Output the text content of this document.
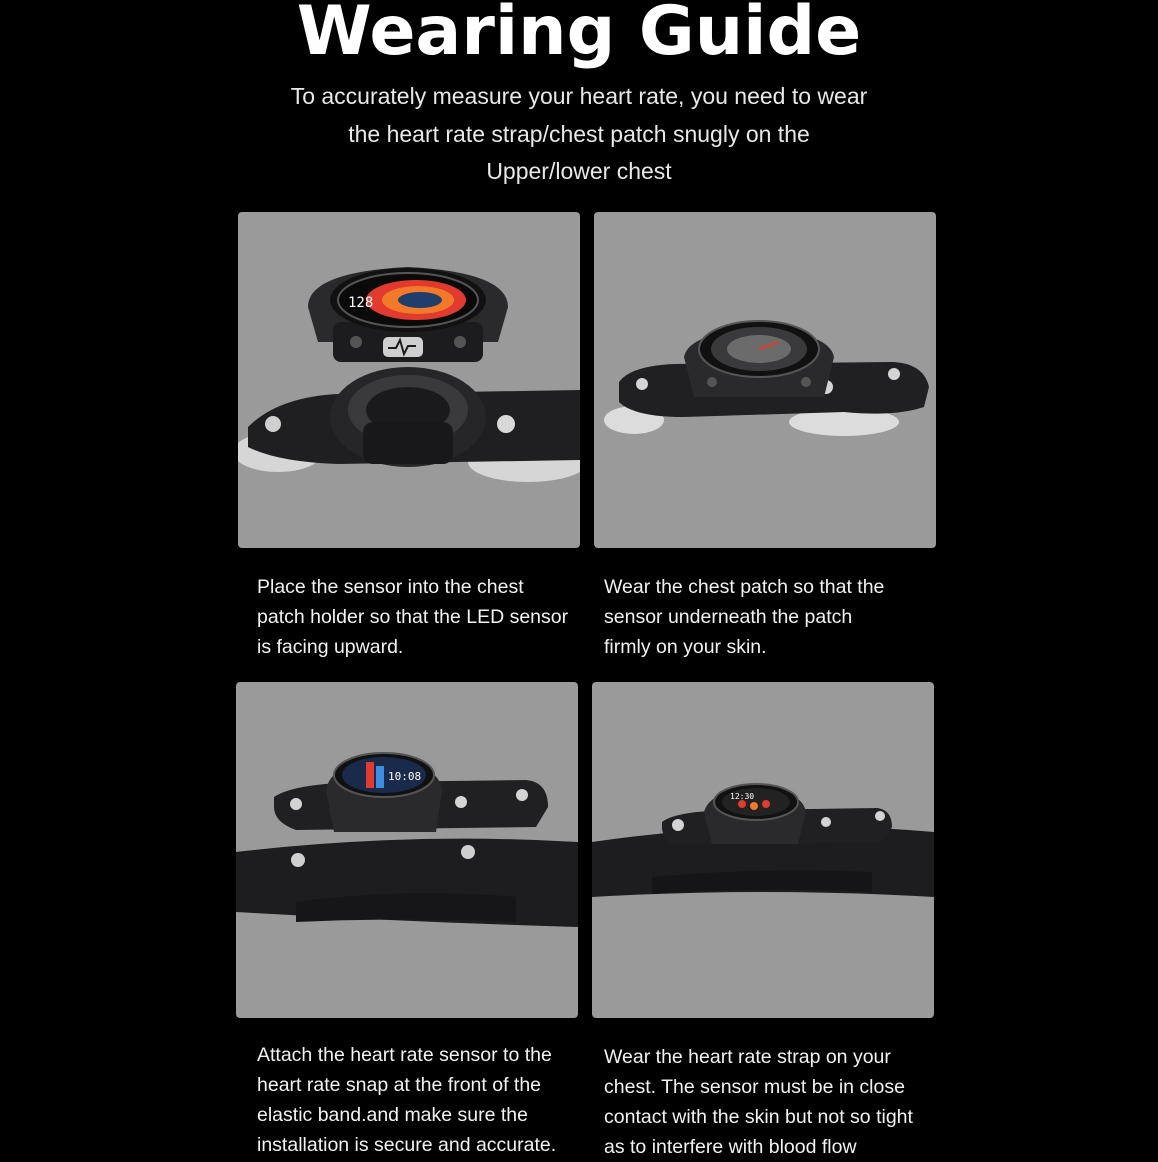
Wearing Guide
To accurately measure your heart rate, you need to wear
the heart rate strap/chest patch snugly on the
Upper/lower chest
128
10:08
12:30
Place the sensor into the chest
patch holder so that the LED sensor
is facing upward.
Wear the chest patch so that the
sensor underneath the patch
firmly on your skin.
Attach the heart rate sensor to the
heart rate snap at the front of the
elastic band.and make sure the
installation is secure and accurate.
Wear the heart rate strap on your
chest. The sensor must be in close
contact with the skin but not so tight
as to interfere with blood flow
